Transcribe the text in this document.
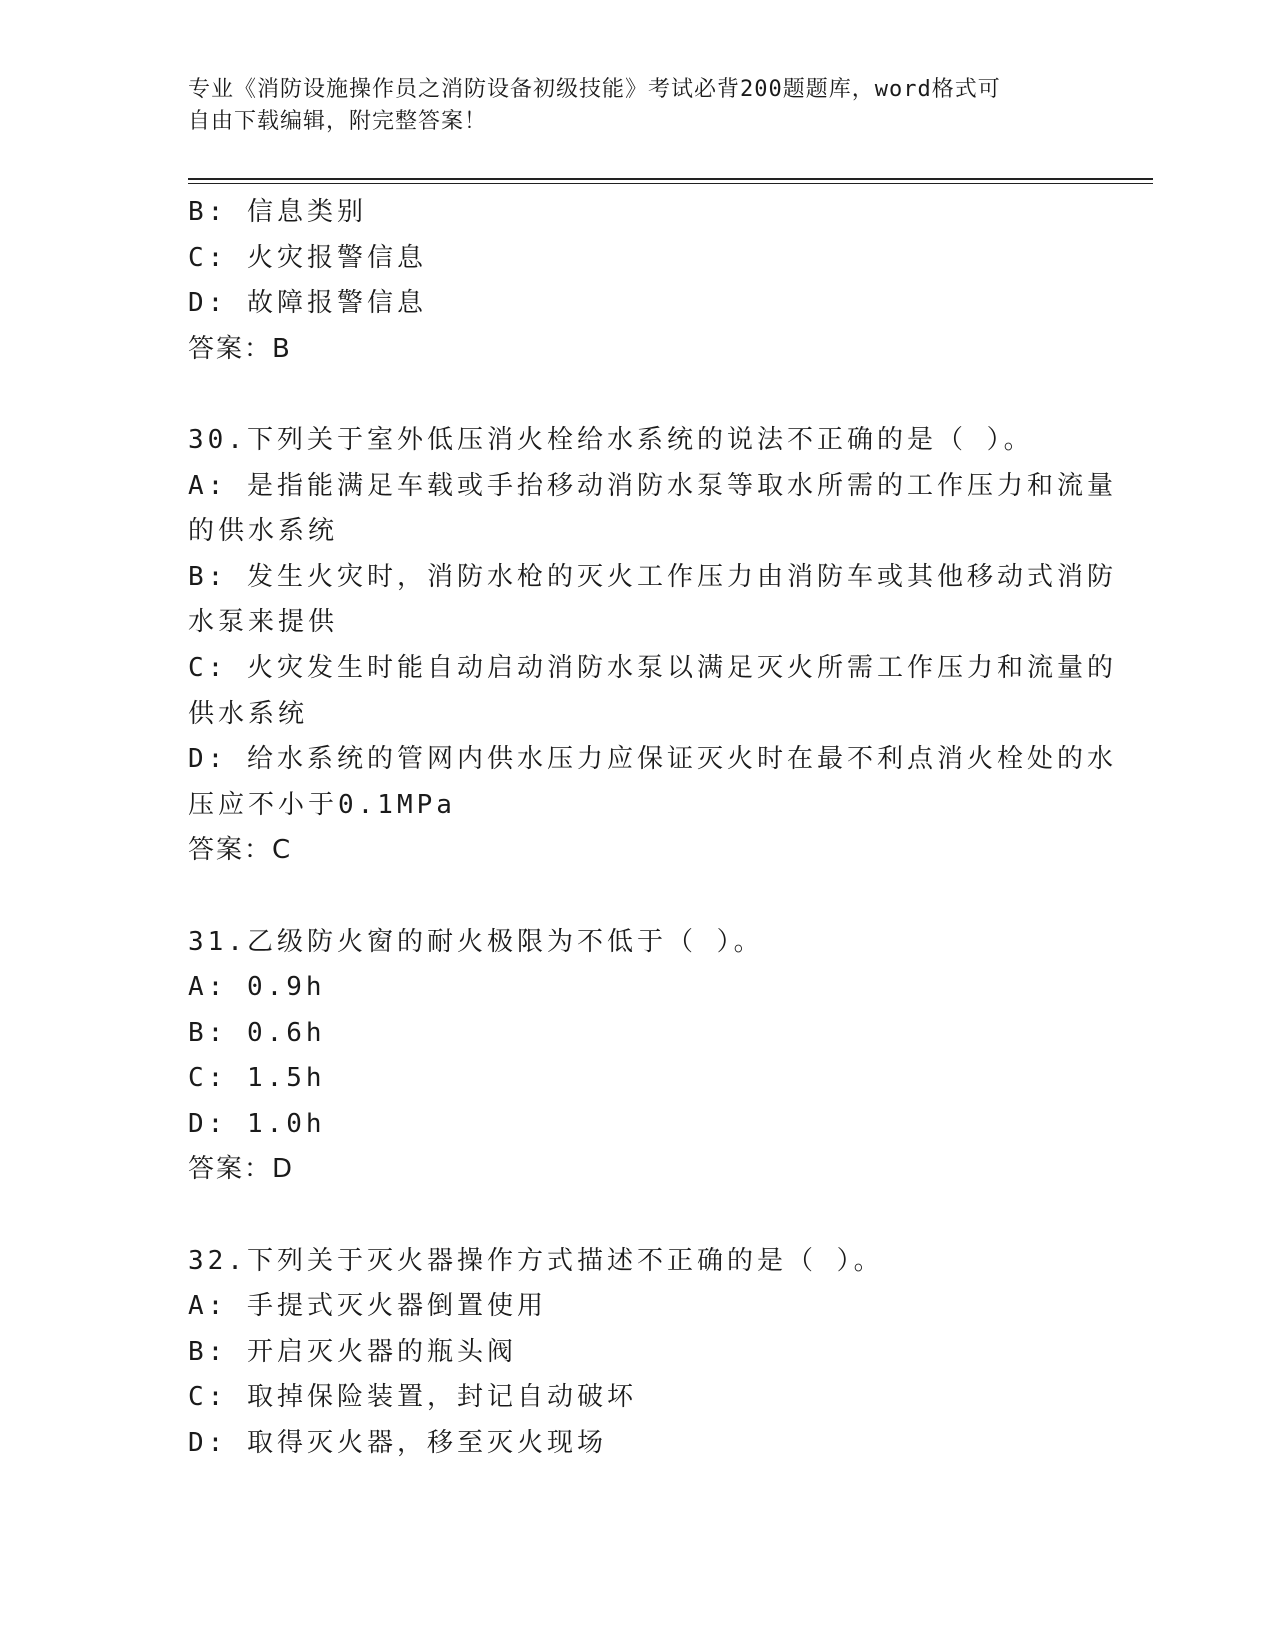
专业《消防设施操作员之消防设备初级技能》考试必背200题题库，word格式可
自由下载编辑，附完整答案！
B: 信息类别
C: 火灾报警信息
D: 故障报警信息
答案：B
30.下列关于室外低压消火栓给水系统的说法不正确的是（ ）。
A: 是指能满足车载或手抬移动消防水泵等取水所需的工作压力和流量
的供水系统
B: 发生火灾时，消防水枪的灭火工作压力由消防车或其他移动式消防
水泵来提供
C: 火灾发生时能自动启动消防水泵以满足灭火所需工作压力和流量的
供水系统
D: 给水系统的管网内供水压力应保证灭火时在最不利点消火栓处的水
压应不小于0.1MPa
答案：C
31.乙级防火窗的耐火极限为不低于（ ）。
A: 0.9h
B: 0.6h
C: 1.5h
D: 1.0h
答案：D
32.下列关于灭火器操作方式描述不正确的是（ ）。
A: 手提式灭火器倒置使用
B: 开启灭火器的瓶头阀
C: 取掉保险装置，封记自动破坏
D: 取得灭火器，移至灭火现场
